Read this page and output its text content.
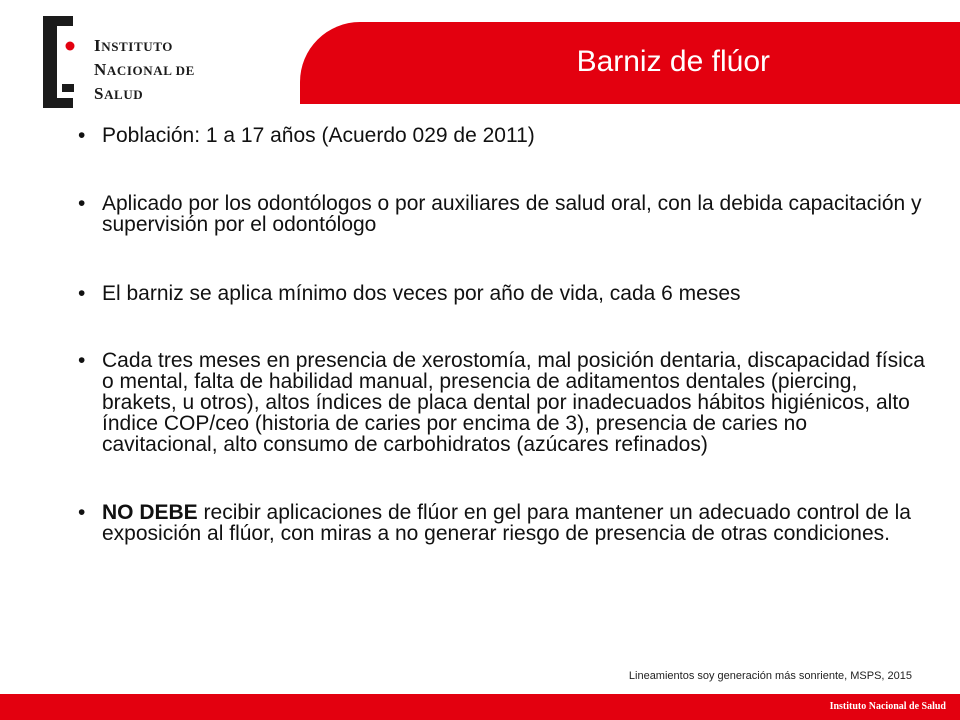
INSTITUTO
NACIONAL DE
SALUD
Barniz de flúor
• Población: 1 a 17 años (Acuerdo 029 de 2011)
• Aplicado por los odontólogos o por auxiliares de salud oral, con la debida capacitación y supervisión por el odontólogo
• El barniz se aplica mínimo dos veces por año de vida, cada 6 meses
• Cada tres meses en presencia de xerostomía, mal posición dentaria, discapacidad física o mental, falta de habilidad manual, presencia de aditamentos dentales (piercing, brakets, u otros), altos índices de placa dental por inadecuados hábitos higiénicos, alto índice COP/ceo (historia de caries por encima de 3), presencia de caries no cavitacional, alto consumo de carbohidratos (azúcares refinados)
• NO DEBE recibir aplicaciones de flúor en gel para mantener un adecuado control de la exposición al flúor, con miras a no generar riesgo de presencia de otras condiciones.
Lineamientos soy generación más sonriente, MSPS, 2015
Instituto Nacional de Salud
